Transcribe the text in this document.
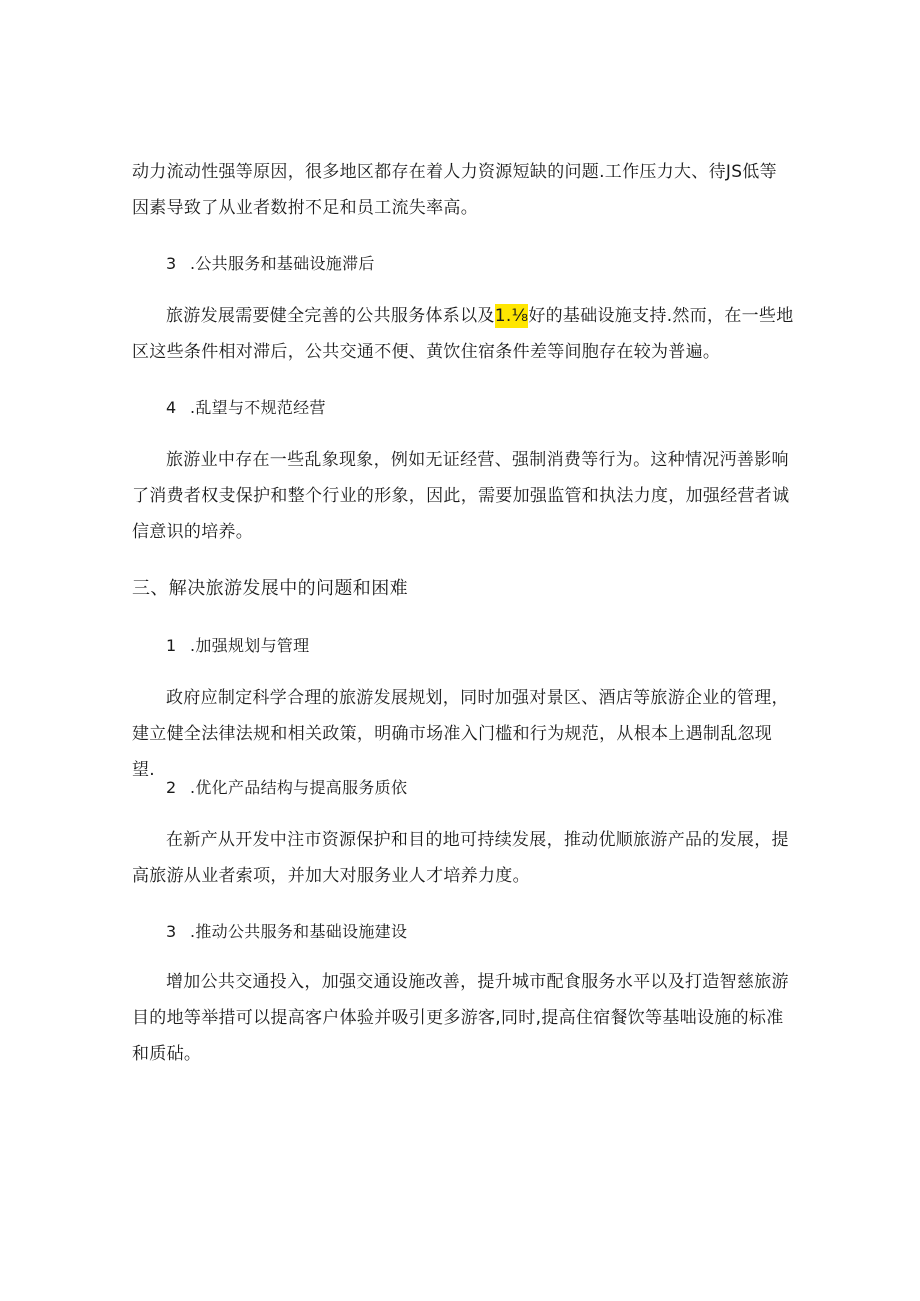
动力流动性强等原因，很多地区都存在着人力资源短缺的问题.工作压力大、待JS低等因素导致了从业者数拊不足和员工流失率高。

3 .公共服务和基础设施滞后

旅游发展需要健全完善的公共服务体系以及1.⅛好的基础设施支持.然而，在一些地区这些条件相对滞后，公共交通不便、黄饮住宿条件差等间胞存在较为普遍。

4 .乱望与不规范经营

旅游业中存在一些乱象现象，例如无证经营、强制消费等行为。这种情况沔善影响了消费者权叏保护和整个行业的形象，因此，需要加强监管和执法力度，加强经营者诚信意识的培养。

三、解决旅游发展中的问题和困难

1 .加强规划与管理

政府应制定科学合理的旅游发展规划，同时加强对景区、酒店等旅游企业的管理，建立健全法律法规和相关政策，明确市场准入门槛和行为规范，从根本上遇制乱忽现望.

2 .优化产品结构与提高服务质依

在新产从开发中注市资源保护和目的地可持续发展，推动优顺旅游产品的发展，提高旅游从业者索项，并加大对服务业人才培养力度。

3 .推动公共服务和基础设施建设

增加公共交通投入，加强交通设施改善，提升城市配食服务水平以及打造智慈旅游目的地等举措可以提高客户体验并吸引更多游客,同时,提高住宿餐饮等基咄设施的标准和质砧。
